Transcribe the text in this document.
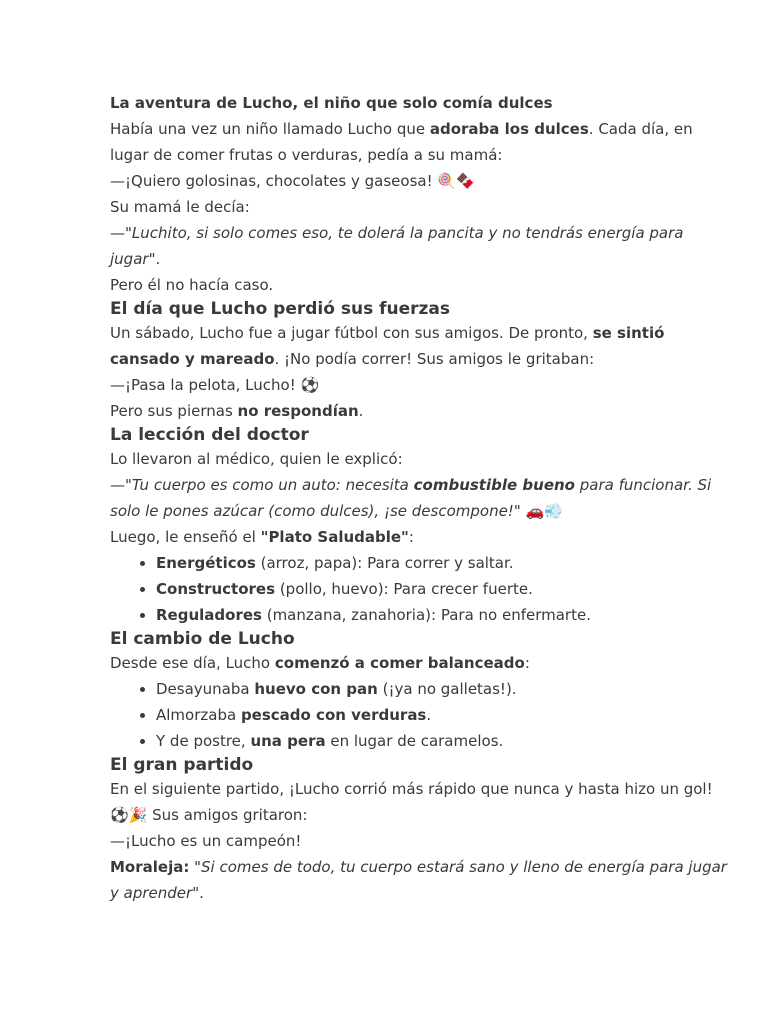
La aventura de Lucho, el niño que solo comía dulces

Había una vez un niño llamado Lucho que adoraba los dulces. Cada día, en lugar de comer frutas o verduras, pedía a su mamá:

—¡Quiero golosinas, chocolates y gaseosa! 🍭🍫

Su mamá le decía:

—"Luchito, si solo comes eso, te dolerá la pancita y no tendrás energía para jugar".

Pero él no hacía caso.

El día que Lucho perdió sus fuerzas

Un sábado, Lucho fue a jugar fútbol con sus amigos. De pronto, se sintió cansado y mareado. ¡No podía correr! Sus amigos le gritaban:

—¡Pasa la pelota, Lucho! ⚽

Pero sus piernas no respondían.

La lección del doctor

Lo llevaron al médico, quien le explicó:

—"Tu cuerpo es como un auto: necesita combustible bueno para funcionar. Si solo le pones azúcar (como dulces), ¡se descompone!" 🚗💨

Luego, le enseñó el "Plato Saludable":

• Energéticos (arroz, papa): Para correr y saltar.
• Constructores (pollo, huevo): Para crecer fuerte.
• Reguladores (manzana, zanahoria): Para no enfermarte.

El cambio de Lucho

Desde ese día, Lucho comenzó a comer balanceado:

• Desayunaba huevo con pan (¡ya no galletas!).
• Almorzaba pescado con verduras.
• Y de postre, una pera en lugar de caramelos.

El gran partido

En el siguiente partido, ¡Lucho corrió más rápido que nunca y hasta hizo un gol! ⚽🎉 Sus amigos gritaron:

—¡Lucho es un campeón!

Moraleja: "Si comes de todo, tu cuerpo estará sano y lleno de energía para jugar y aprender".
